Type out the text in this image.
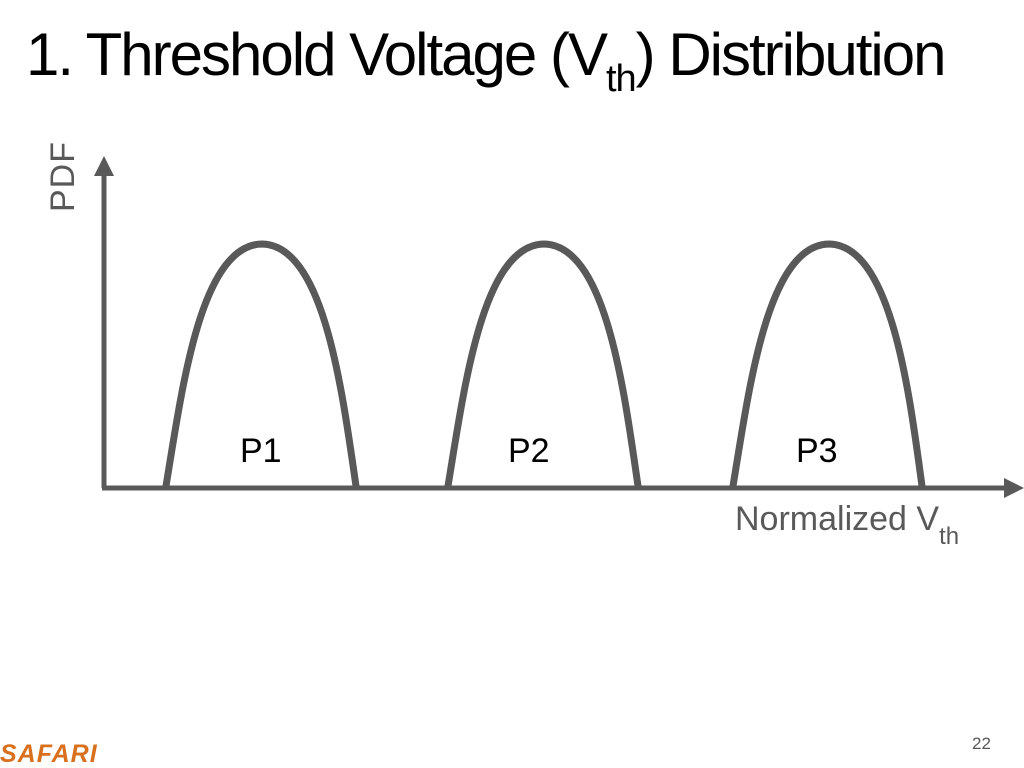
1. Threshold Voltage $(V_{th})$ Distribution
PDF
Normalized $V_{th}$
P1	P2	P3
SAFARI	22
